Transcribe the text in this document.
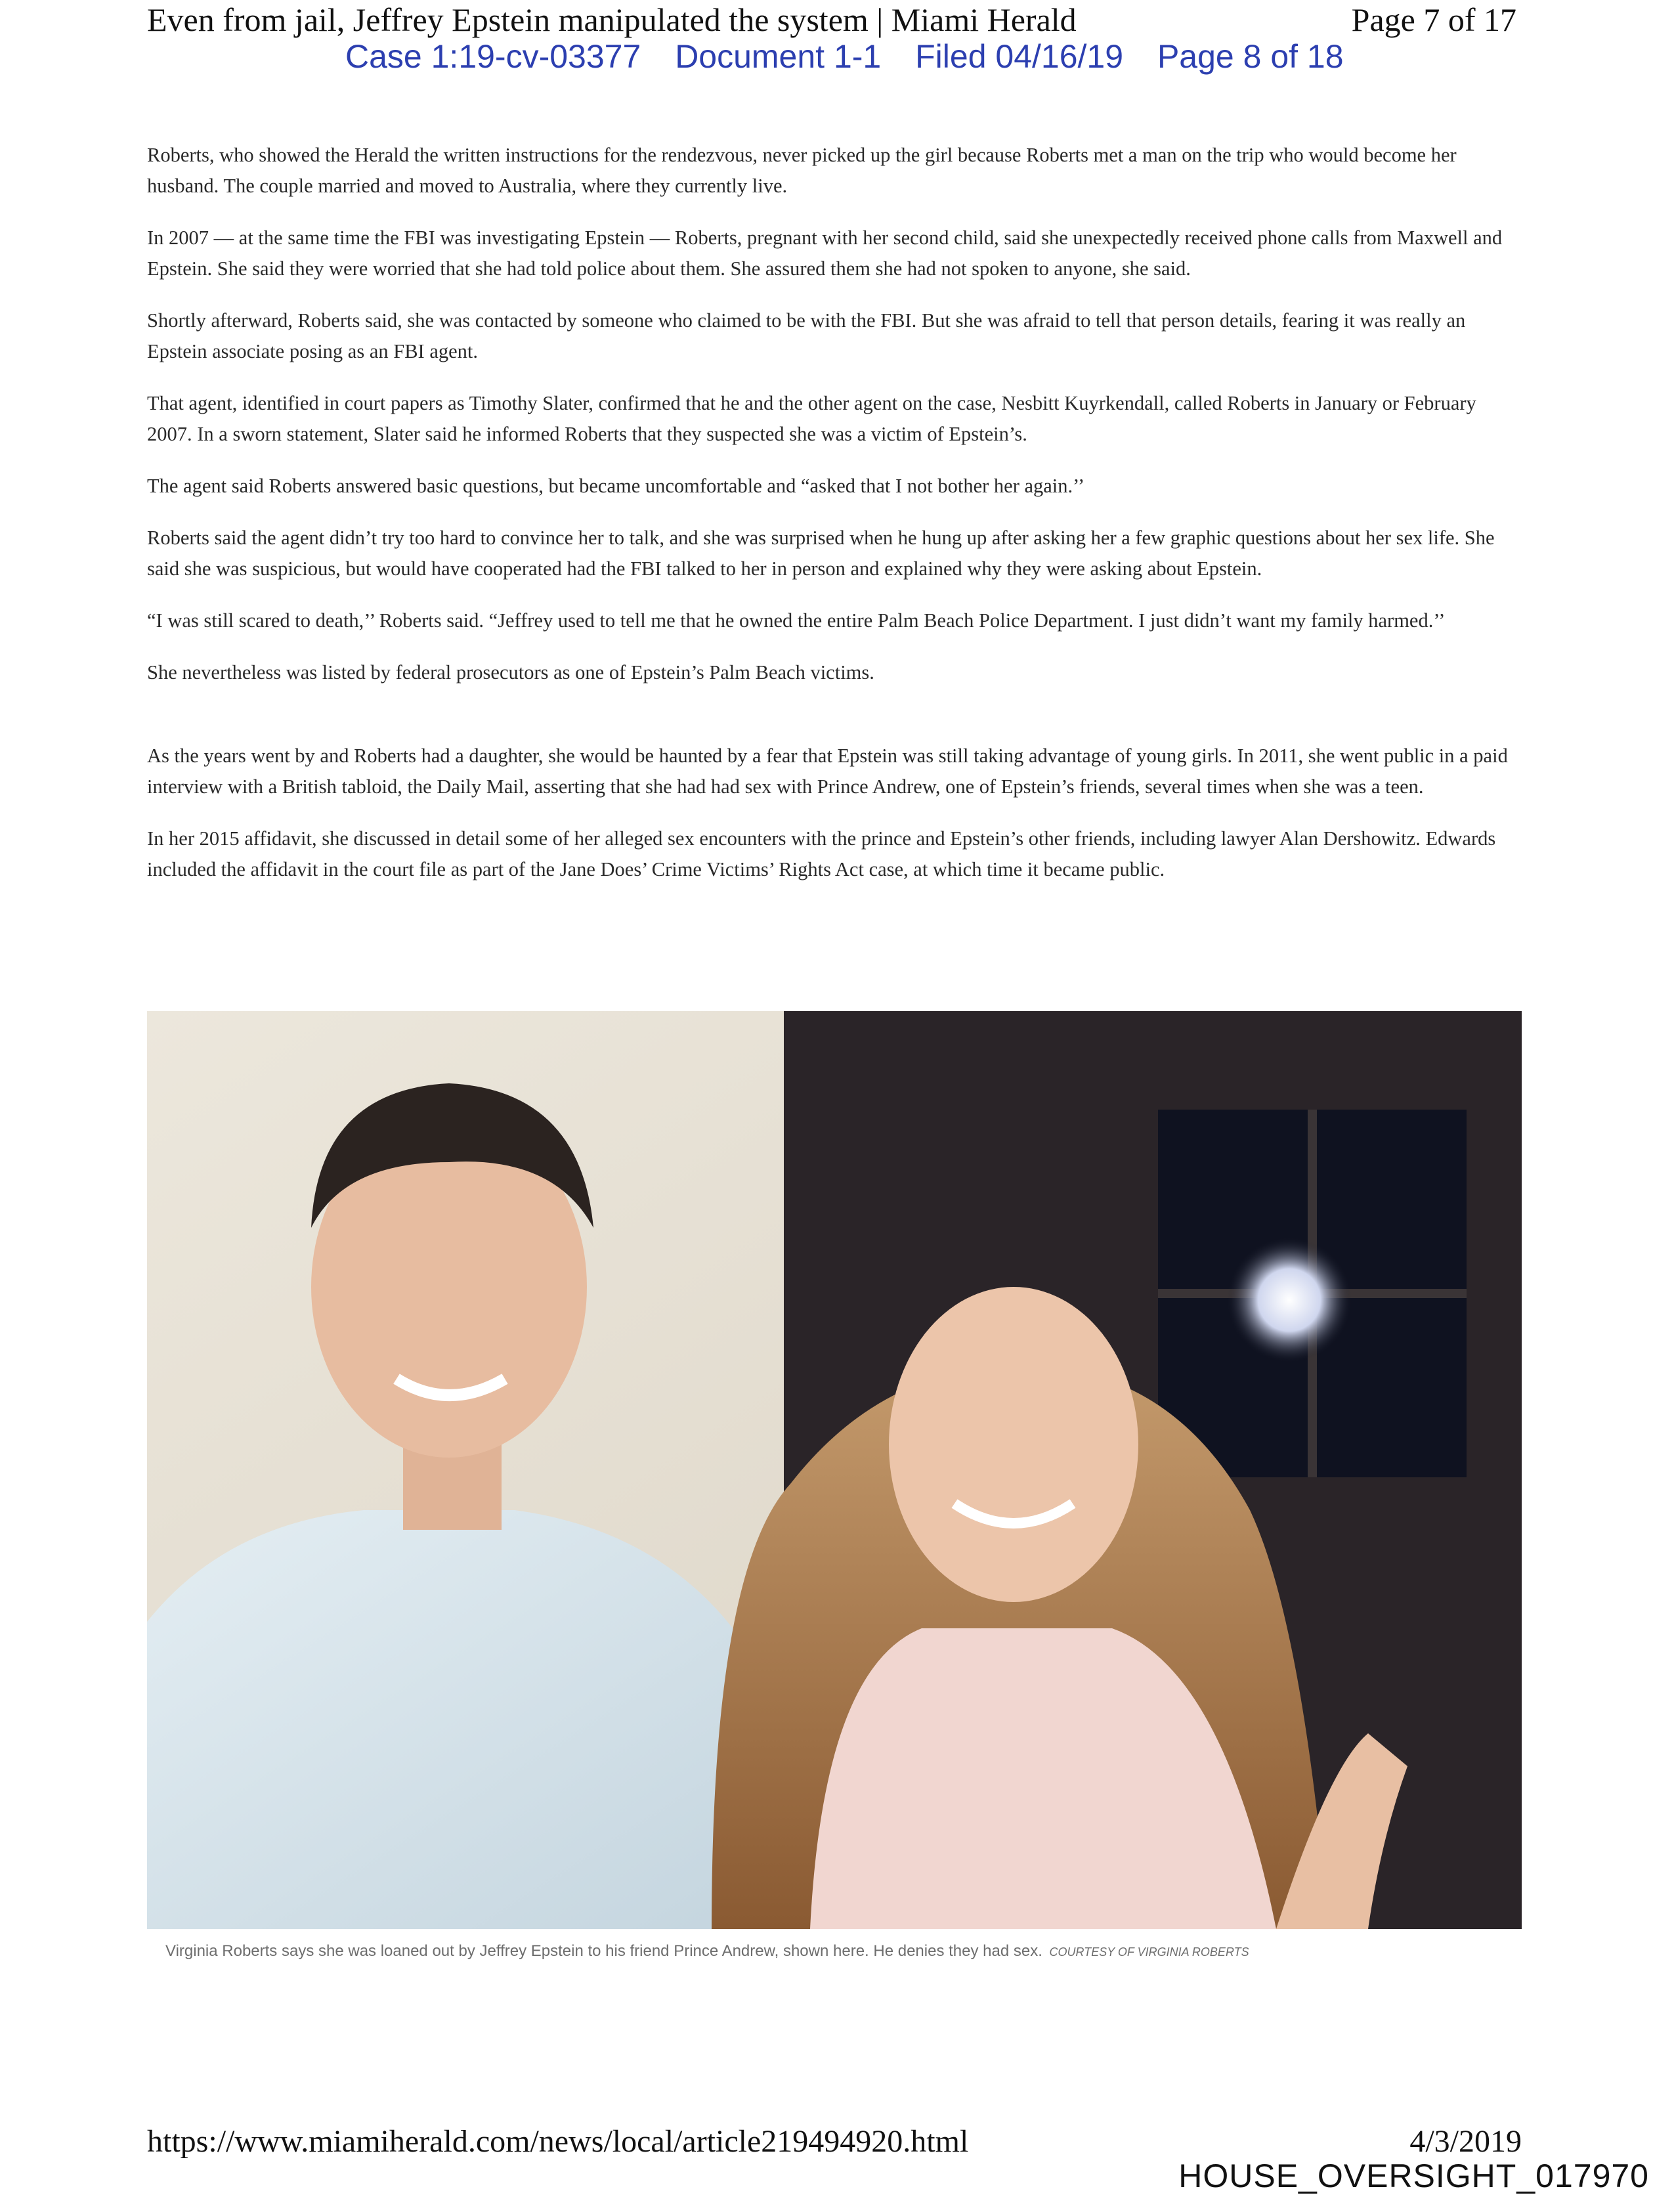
Even from jail, Jeffrey Epstein manipulated the system | Miami Herald	Page 7 of 17
Case 1:19-cv-03377 Document 1-1 Filed 04/16/19 Page 8 of 18

Roberts, who showed the Herald the written instructions for the rendezvous, never picked up the girl because Roberts met a man on the trip who would become her husband. The couple married and moved to Australia, where they currently live.

In 2007 — at the same time the FBI was investigating Epstein — Roberts, pregnant with her second child, said she unexpectedly received phone calls from Maxwell and Epstein. She said they were worried that she had told police about them. She assured them she had not spoken to anyone, she said.

Shortly afterward, Roberts said, she was contacted by someone who claimed to be with the FBI. But she was afraid to tell that person details, fearing it was really an Epstein associate posing as an FBI agent.

That agent, identified in court papers as Timothy Slater, confirmed that he and the other agent on the case, Nesbitt Kuyrkendall, called Roberts in January or February 2007. In a sworn statement, Slater said he informed Roberts that they suspected she was a victim of Epstein’s.

The agent said Roberts answered basic questions, but became uncomfortable and “asked that I not bother her again.’’

Roberts said the agent didn’t try too hard to convince her to talk, and she was surprised when he hung up after asking her a few graphic questions about her sex life. She said she was suspicious, but would have cooperated had the FBI talked to her in person and explained why they were asking about Epstein.

“I was still scared to death,’’ Roberts said. “Jeffrey used to tell me that he owned the entire Palm Beach Police Department. I just didn’t want my family harmed.’’

She nevertheless was listed by federal prosecutors as one of Epstein’s Palm Beach victims.

As the years went by and Roberts had a daughter, she would be haunted by a fear that Epstein was still taking advantage of young girls. In 2011, she went public in a paid interview with a British tabloid, the Daily Mail, asserting that she had had sex with Prince Andrew, one of Epstein’s friends, several times when she was a teen.

In her 2015 affidavit, she discussed in detail some of her alleged sex encounters with the prince and Epstein’s other friends, including lawyer Alan Dershowitz. Edwards included the affidavit in the court file as part of the Jane Does’ Crime Victims’ Rights Act case, at which time it became public.

Virginia Roberts says she was loaned out by Jeffrey Epstein to his friend Prince Andrew, shown here. He denies they had sex. COURTESY OF VIRGINIA ROBERTS
https://www.miamiherald.com/news/local/article219494920.html	4/3/2019
HOUSE_OVERSIGHT_017970
